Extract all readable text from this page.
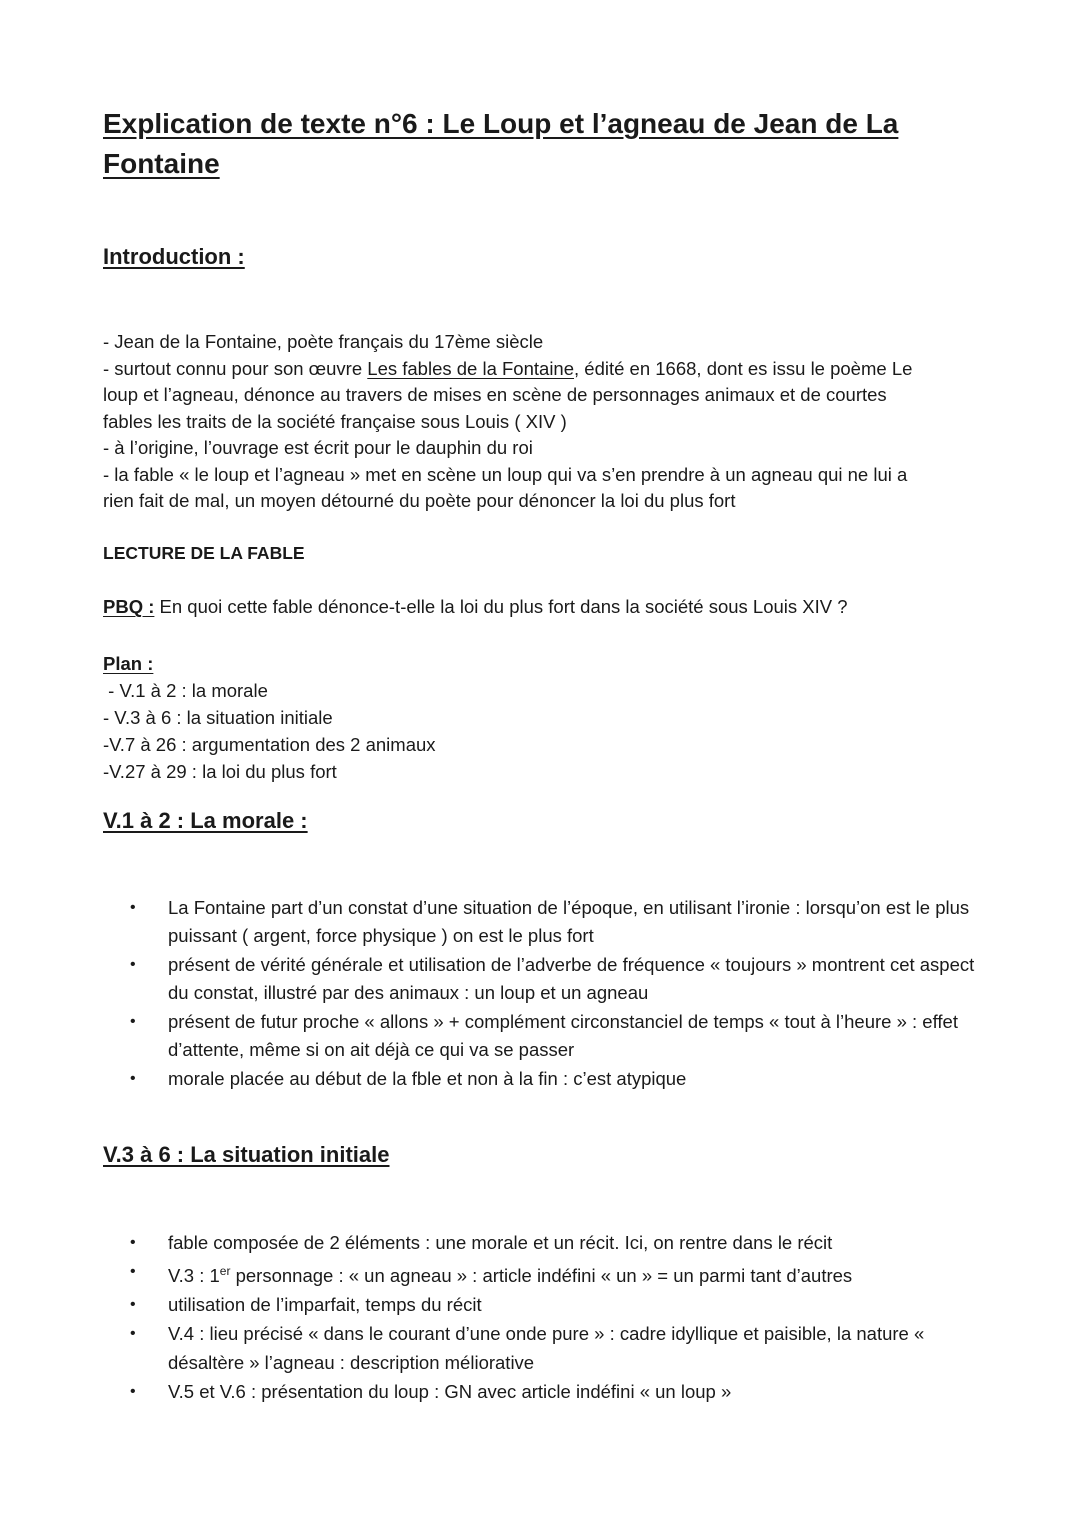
Explication de texte n°6 : Le Loup et l’agneau de Jean de La Fontaine
Introduction :
- Jean de la Fontaine, poète français du 17ème siècle
- surtout connu pour son œuvre Les fables de la Fontaine, édité en 1668, dont es issu le poème Le
loup et l’agneau, dénonce au travers de mises en scène de personnages animaux et de courtes
fables les traits de la société française sous Louis ( XIV )
- à l’origine, l’ouvrage est écrit pour le dauphin du roi
- la fable « le loup et l’agneau » met en scène un loup qui va s’en prendre à un agneau qui ne lui a
rien fait de mal, un moyen détourné du poète pour dénoncer la loi du plus fort
LECTURE DE LA FABLE
PBQ : En quoi cette fable dénonce-t-elle la loi du plus fort dans la société sous Louis XIV ?
Plan :
- V.1 à 2 : la morale
- V.3 à 6 : la situation initiale
-V.7 à 26 : argumentation des 2 animaux
-V.27 à 29 : la loi du plus fort
V.1 à 2 : La morale :
• La Fontaine part d’un constat d’une situation de l’époque, en utilisant l’ironie : lorsqu’on est le plus puissant ( argent, force physique ) on est le plus fort
• présent de vérité générale et utilisation de l’adverbe de fréquence « toujours » montrent cet aspect du constat, illustré par des animaux : un loup et un agneau
• présent de futur proche « allons » + complément circonstanciel de temps « tout à l’heure » : effet d’attente, même si on ait déjà ce qui va se passer
• morale placée au début de la fble et non à la fin : c’est atypique
V.3 à 6 : La situation initiale
• fable composée de 2 éléments : une morale et un récit. Ici, on rentre dans le récit
• V.3 : 1er personnage : « un agneau » : article indéfini « un » = un parmi tant d’autres
• utilisation de l’imparfait, temps du récit
• V.4 : lieu précisé « dans le courant d’une onde pure » : cadre idyllique et paisible, la nature « désaltère » l’agneau : description méliorative
• V.5 et V.6 : présentation du loup : GN avec article indéfini « un loup »
